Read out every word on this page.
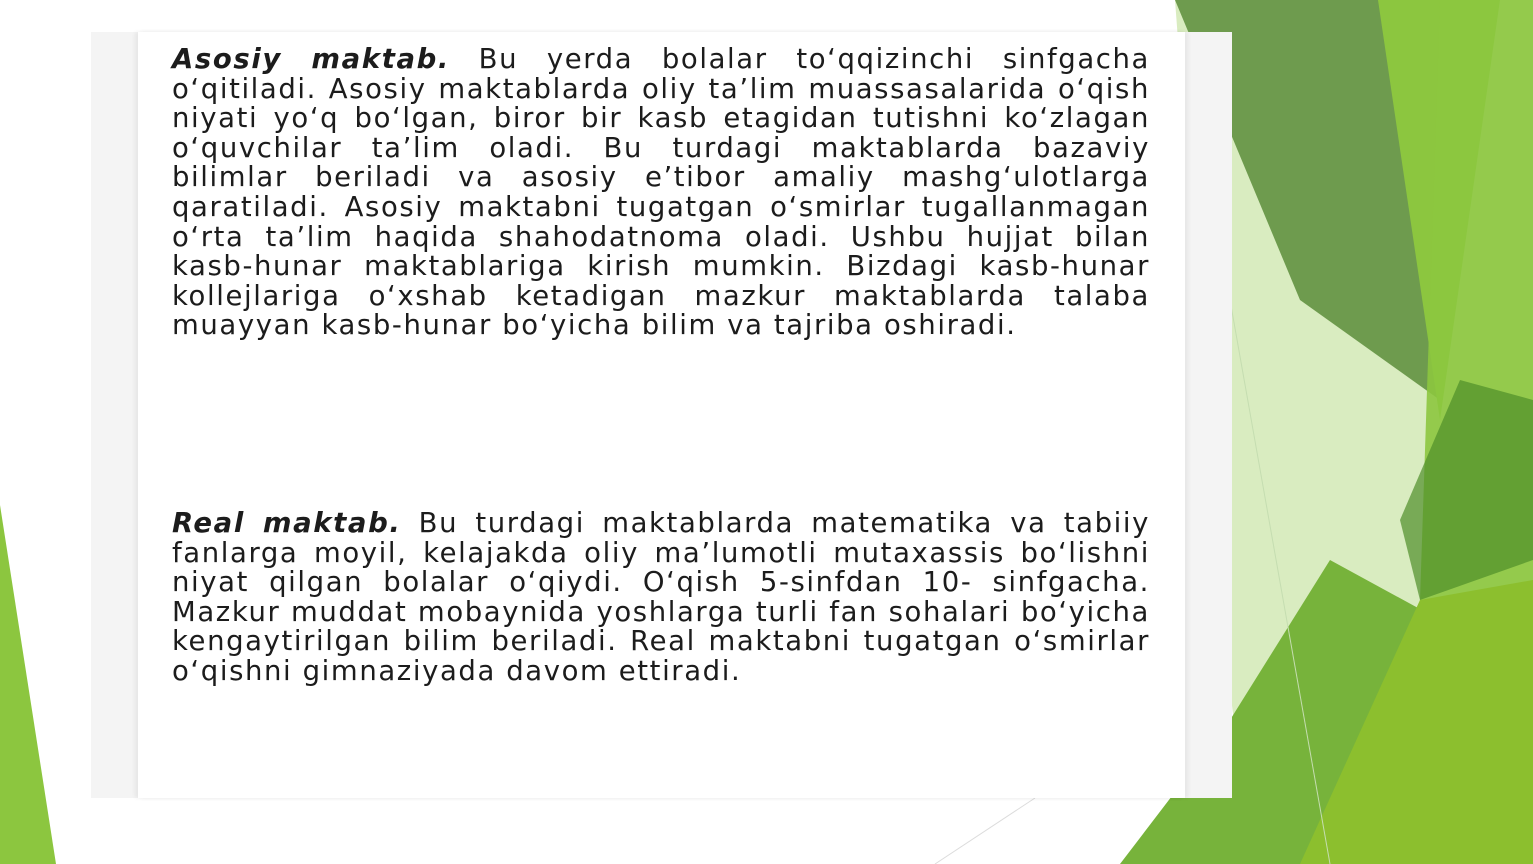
Asosiy maktab. Bu yerda bolalar to‘qqizinchi sinfgacha o‘qitiladi. Asosiy maktablarda oliy ta’lim muassasalarida o‘qish niyati yo‘q bo‘lgan, biror bir kasb etagidan tutishni ko‘zlagan o‘quvchilar ta’lim oladi. Bu turdagi maktablarda bazaviy bilimlar beriladi va asosiy e’tibor amaliy mashg‘ulotlarga qaratiladi. Asosiy maktabni tugatgan o‘smirlar tugallanmagan o‘rta ta’lim haqida shahodatnoma oladi. Ushbu hujjat bilan kasb-hunar maktablariga kirish mumkin. Bizdagi kasb-hunar kollejlariga o‘xshab ketadigan mazkur maktablarda talaba muayyan kasb-hunar bo‘yicha bilim va tajriba oshiradi.

Real maktab. Bu turdagi maktablarda matematika va tabiiy fanlarga moyil, kelajakda oliy ma’lumotli mutaxassis bo‘lishni niyat qilgan bolalar o‘qiydi. O‘qish 5-sinfdan 10- sinfgacha. Mazkur muddat mobaynida yoshlarga turli fan sohalari bo‘yicha kengaytirilgan bilim beriladi. Real maktabni tugatgan o‘smirlar o‘qishni gimnaziyada davom ettiradi.
